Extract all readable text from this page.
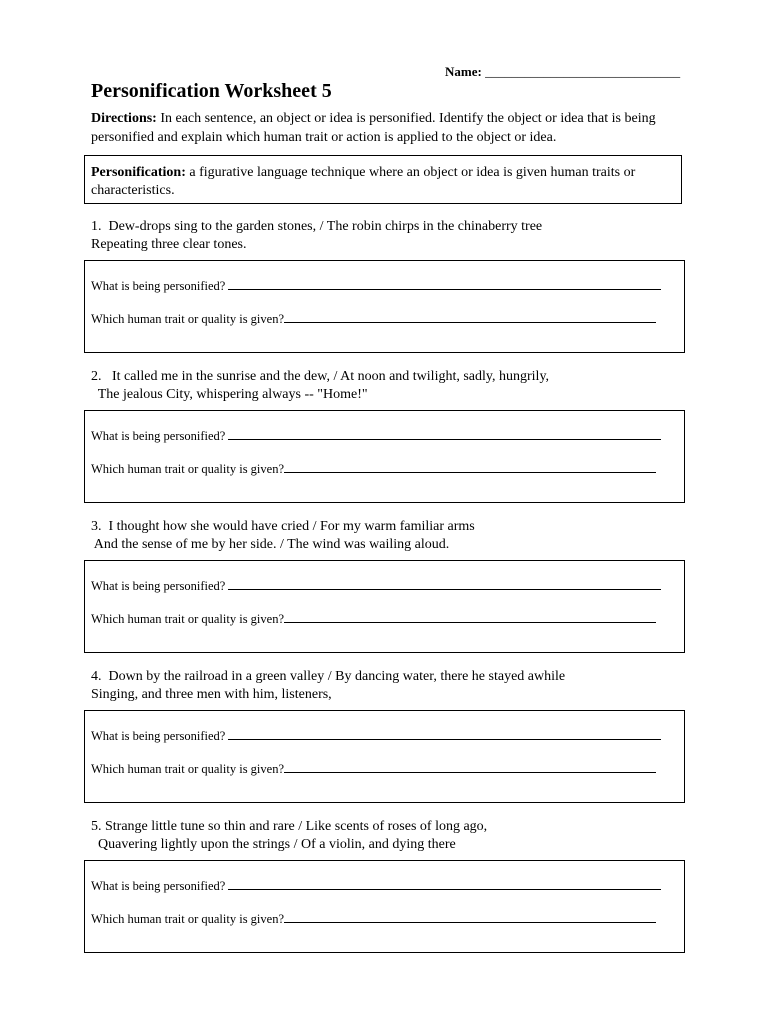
Name: ______________________________
Personification Worksheet 5
Directions: In each sentence, an object or idea is personified. Identify the object or idea that is being personified and explain which human trait or action is applied to the object or idea.
Personification: a figurative language technique where an object or idea is given human traits or characteristics.
1.  Dew-drops sing to the garden stones, / The robin chirps in the chinaberry tree
Repeating three clear tones.
What is being personified?
Which human trait or quality is given?
2.   It called me in the sunrise and the dew, / At noon and twilight, sadly, hungrily,
The jealous City, whispering always -- "Home!"
What is being personified?
Which human trait or quality is given?
3.  I thought how she would have cried / For my warm familiar arms
And the sense of me by her side. / The wind was wailing aloud.
What is being personified?
Which human trait or quality is given?
4.  Down by the railroad in a green valley / By dancing water, there he stayed awhile
Singing, and three men with him, listeners,
What is being personified?
Which human trait or quality is given?
5. Strange little tune so thin and rare / Like scents of roses of long ago,
Quavering lightly upon the strings / Of a violin, and dying there
What is being personified?
Which human trait or quality is given?
